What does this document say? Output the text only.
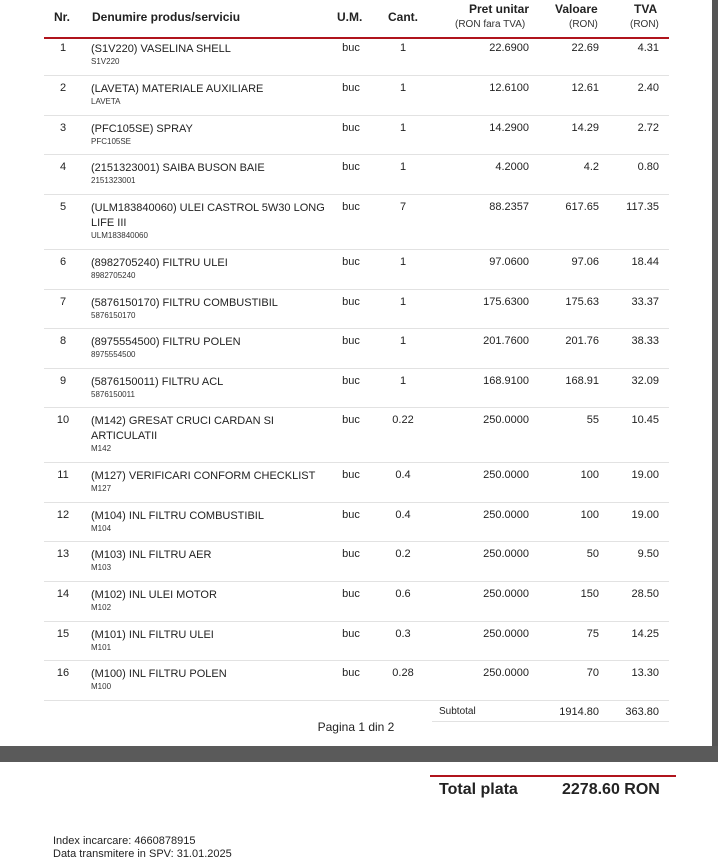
Nr. Denumire produs/serviciu	U.M. Cant.
Pret unitar
(RON fara TVA)
Valoare
(RON)
TVA
(RON)
1	(S1V220) VASELINA SHELL	buc	1	22.6900	22.69	4.31
S1V220
2	(LAVETA) MATERIALE AUXILIARE	buc	1	12.6100	12.61	2.40
LAVETA
3	(PFC105SE) SPRAY	buc	1	14.2900	14.29	2.72
PFC105SE
4	(2151323001) SAIBA BUSON BAIE	buc	1	4.2000	4.2	0.80
2151323001
5	(ULM183840060) ULEI CASTROL 5W30 LONG LIFE III
buc	7	88.2357	617.65 117.35
ULM183840060
6	(8982705240) FILTRU ULEI	buc	1	97.0600	97.06	18.44
8982705240
7	(5876150170) FILTRU COMBUSTIBIL	buc	1	175.6300	175.63	33.37
5876150170
8	(8975554500) FILTRU POLEN	buc	1	201.7600	201.76	38.33
8975554500
9	(5876150011) FILTRU ACL	buc	1	168.9100	168.91	32.09
5876150011
10	(M142) GRESAT CRUCI CARDAN SI ARTICULATII
buc	0.22	250.0000	55	10.45
M142
11	(M127) VERIFICARI CONFORM CHECKLIST	buc	0.4	250.0000	100	19.00
M127
12	(M104) INL FILTRU COMBUSTIBIL	buc	0.4	250.0000	100	19.00
M104
13	(M103) INL FILTRU AER	buc	0.2	250.0000	50	9.50
M103
14	(M102) INL ULEI MOTOR	buc	0.6	250.0000	150	28.50
M102
15	(M101) INL FILTRU ULEI	buc	0.3	250.0000	75	14.25
M101
16	(M100) INL FILTRU POLEN	buc	0.28	250.0000	70	13.30
M100
Subtotal	1914.80 363.80
Pagina 1 din 2
Total plata	2278.60 RON
Index incarcare: 4660878915
Data transmitere in SPV: 31.01.2025
